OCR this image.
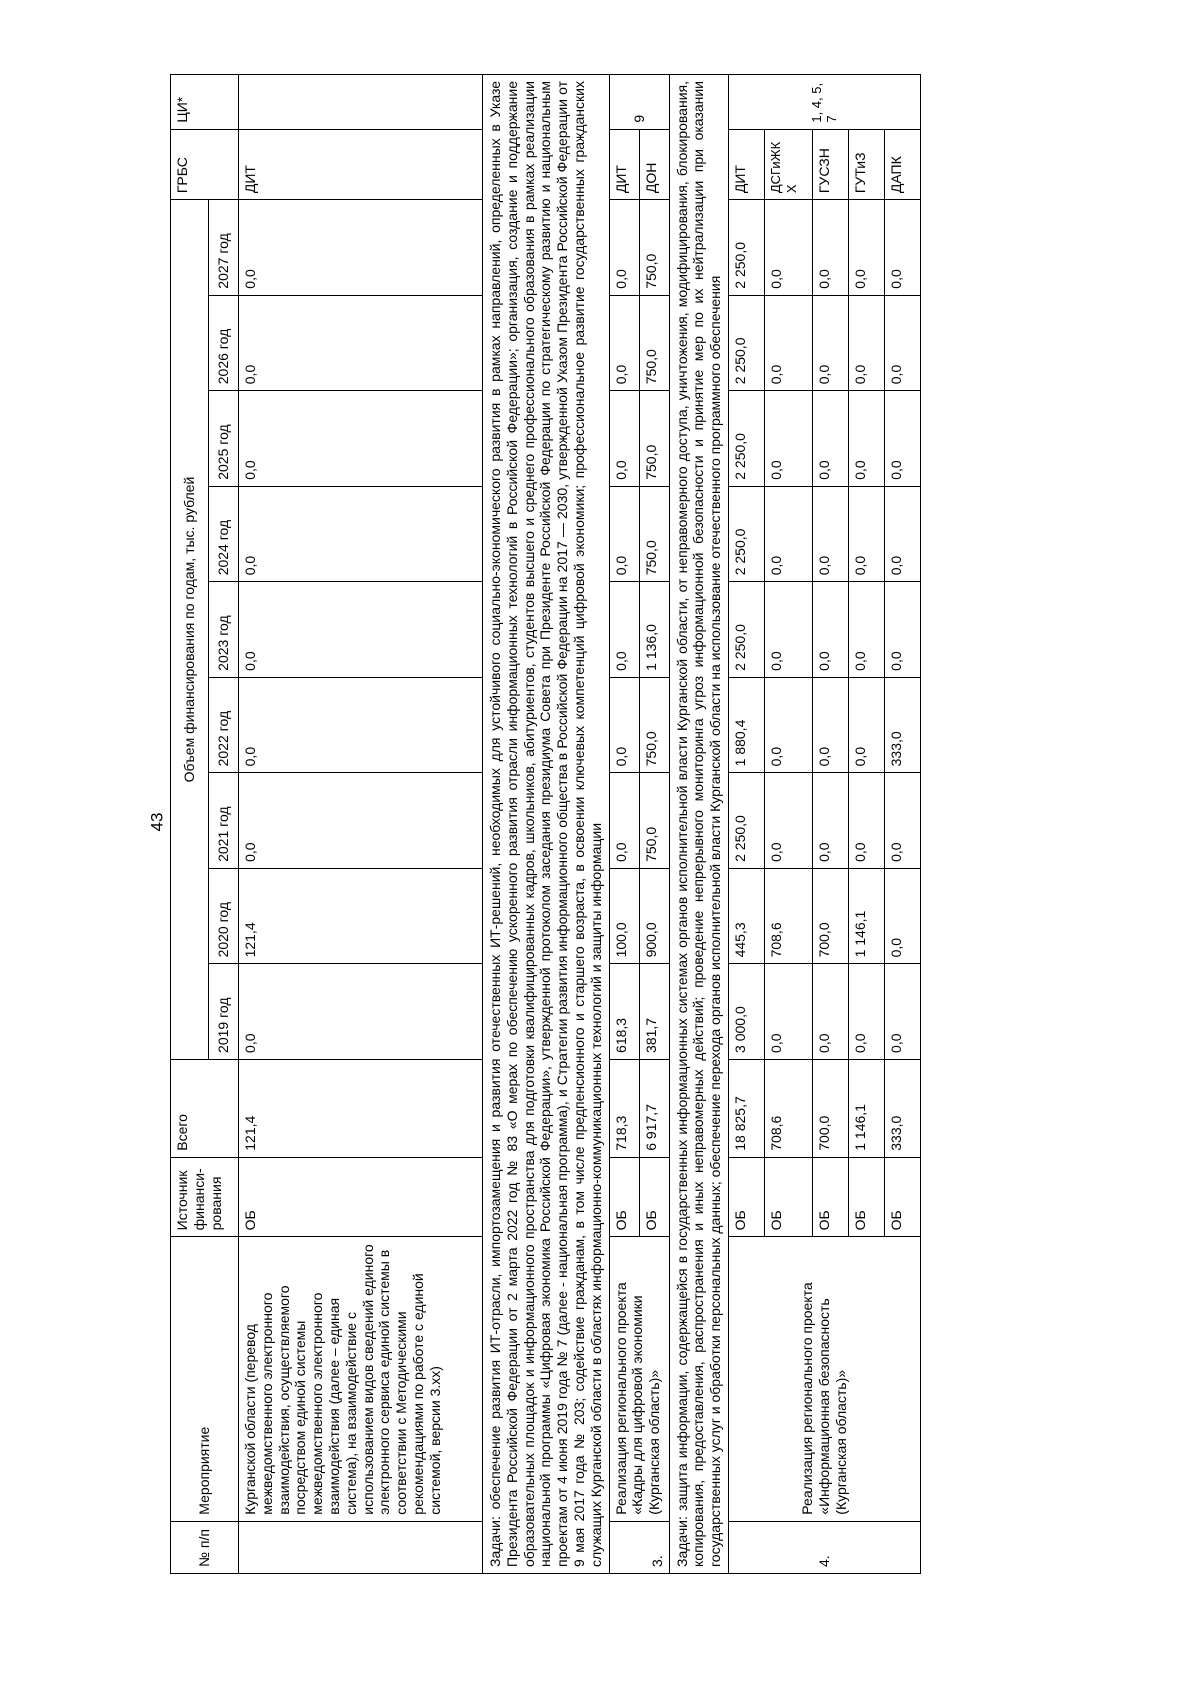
43
№ п/п	Мероприятие	Источник финанси-рования	Всего	Объем финансирования по годам, тыс. рублей									ГРБС	ЦИ*
				2019 год	2020 год	2021 год	2022 год	2023 год	2024 год	2025 год	2026 год	2027 год		
	Курганской области (перевод межведомственного электронного взаимодействия, осуществляемого посредством единой системы межведомственного электронного взаимодействия (далее – единая система), на взаимодействие с использованием видов сведений единого электронного сервиса единой системы в соответствии с Методическими рекомендациями по работе с единой системой, версии 3.xx)	ОБ	121,4	0,0	121,4	0,0	0,0	0,0	0,0	0,0	0,0	0,0	ДИТ	
Задачи: обеспечение развития ИТ-отрасли, импортозамещения и развития отечественных ИТ-решений, необходимых для устойчивого социально-экономического развития в рамках направлений, определенных в Указе Президента Российской Федерации от 2 марта 2022 год № 83 «О мерах по обеспечению ускоренного развития отрасли информационных технологий в Российской Федерации»; организация, создание и поддержание образовательных площадок и информационного пространства для подготовки квалифицированных кадров, школьников, абитуриентов, студентов высшего и среднего профессионального образования в рамках реализации национальной программы «Цифровая экономика Российской Федерации», утвержденной протоколом заседания президиума Совета при Президенте Российской Федерации по стратегическому развитию и национальным проектам от 4 июня 2019 года № 7 (далее - национальная программа), и Стратегии развития информационного общества в Российской Федерации на 2017 — 2030, утвержденной Указом Президента Российской Федерации от 9 мая 2017 года № 203; содействие гражданам, в том числе предпенсионного и старшего возраста, в освоении ключевых компетенций цифровой экономики; профессиональное развитие государственных гражданских служащих Курганской области в областях информационно-коммуникационных технологий и защиты информации														
3.	Реализация регионального проекта «Кадры для цифровой экономики (Курганская область)»	ОБ	718,3	618,3	100,0	0,0	0,0	0,0	0,0	0,0	0,0	0,0	ДИТ	9
		ОБ	6 917,7	381,7	900,0	750,0	750,0	1 136,0	750,0	750,0	750,0	750,0	ДОН	
Задачи: защита информации, содержащейся в государственных информационных системах органов исполнительной власти Курганской области, от неправомерного доступа, уничтожения, модифицирования, блокирования, копирования, предоставления, распространения и иных неправомерных действий; проведение непрерывного мониторинга угроз информационной безопасности и принятие мер по их нейтрализации при оказании государственных услуг и обработки персональных данных; обеспечение перехода органов исполнительной власти Курганской области на использование отечественного программного обеспечения														
4.	Реализация регионального проекта «Информационная безопасность (Курганская область)»	ОБ	18 825,7	3 000,0	445,3	2 250,0	1 880,4	2 250,0	2 250,0	2 250,0	2 250,0	2 250,0	ДИТ	1, 4, 5, 7
		ОБ	708,6	0,0	708,6	0,0	0,0	0,0	0,0	0,0	0,0	0,0	ДСГиЖКХ	
		ОБ	700,0	0,0	700,0	0,0	0,0	0,0	0,0	0,0	0,0	0,0	ГУСЗН	
		ОБ	1 146,1	0,0	1 146,1	0,0	0,0	0,0	0,0	0,0	0,0	0,0	ГУТиЗ	
		ОБ	333,0	0,0	0,0	0,0	333,0	0,0	0,0	0,0	0,0	0,0	ДАПК	
